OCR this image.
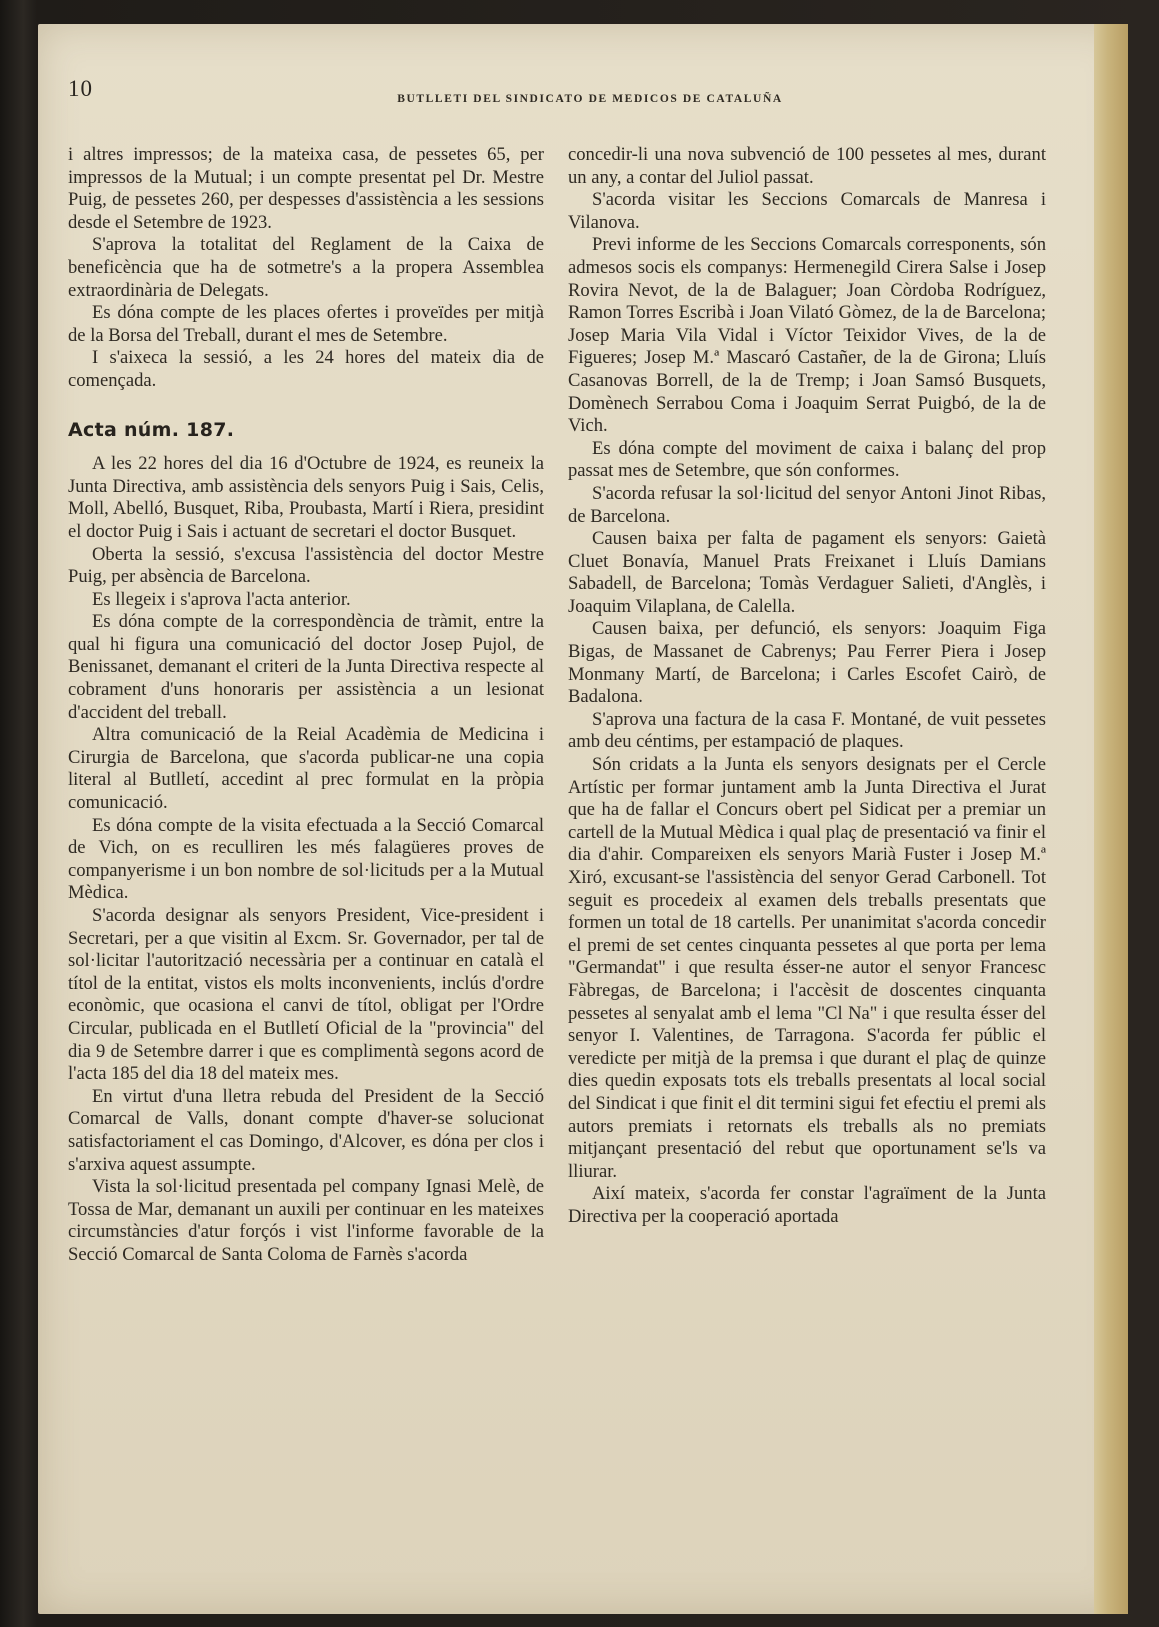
10	BUTLLETI DEL SINDICATO DE MEDICOS DE CATALUÑA

i altres impressos; de la mateixa casa, de pessetes 65, per impressos de la Mutual; i un compte presentat pel Dr. Mestre Puig, de pessetes 260, per despesses d'assistència a les sessions desde el Setembre de 1923.

S'aprova la totalitat del Reglament de la Caixa de beneficència que ha de sotmetre's a la propera Assemblea extraordinària de Delegats.

Es dóna compte de les places ofertes i proveïdes per mitjà de la Borsa del Treball, durant el mes de Setembre.

I s'aixeca la sessió, a les 24 hores del mateix dia de començada.

Acta núm. 187.

A les 22 hores del dia 16 d'Octubre de 1924, es reuneix la Junta Directiva, amb assistència dels senyors Puig i Sais, Celis, Moll, Abelló, Busquet, Riba, Proubasta, Martí i Riera, presidint el doctor Puig i Sais i actuant de secretari el doctor Busquet.

Oberta la sessió, s'excusa l'assistència del doctor Mestre Puig, per absència de Barcelona.

Es llegeix i s'aprova l'acta anterior.

Es dóna compte de la correspondència de tràmit, entre la qual hi figura una comunicació del doctor Josep Pujol, de Benissanet, demanant el criteri de la Junta Directiva respecte al cobrament d'uns honoraris per assistència a un lesionat d'accident del treball.

Altra comunicació de la Reial Acadèmia de Medicina i Cirurgia de Barcelona, que s'acorda publicar-ne una copia literal al Butlletí, accedint al prec formulat en la pròpia comunicació.

Es dóna compte de la visita efectuada a la Secció Comarcal de Vich, on es reculliren les més falagüeres proves de companyerisme i un bon nombre de sol·licituds per a la Mutual Mèdica.

S'acorda designar als senyors President, Vice-president i Secretari, per a que visitin al Excm. Sr. Governador, per tal de sol·licitar l'autorització necessària per a continuar en català el títol de la entitat, vistos els molts inconvenients, inclús d'ordre econòmic, que ocasiona el canvi de títol, obligat per l'Ordre Circular, publicada en el Butlletí Oficial de la "provincia" del dia 9 de Setembre darrer i que es complimentà segons acord de l'acta 185 del dia 18 del mateix mes.

En virtut d'una lletra rebuda del President de la Secció Comarcal de Valls, donant compte d'haver-se solucionat satisfactoriament el cas Domingo, d'Alcover, es dóna per clos i s'arxiva aquest assumpte.

Vista la sol·licitud presentada pel company Ignasi Melè, de Tossa de Mar, demanant un auxili per continuar en les mateixes circumstàncies d'atur forçós i vist l'informe favorable de la Secció Comarcal de Santa Coloma de Farnès s'acorda

concedir-li una nova subvenció de 100 pessetes al mes, durant un any, a contar del Juliol passat.

S'acorda visitar les Seccions Comarcals de Manresa i Vilanova.

Previ informe de les Seccions Comarcals corresponents, són admesos socis els companys: Hermenegild Cirera Salse i Josep Rovira Nevot, de la de Balaguer; Joan Còrdoba Rodríguez, Ramon Torres Escribà i Joan Vilató Gòmez, de la de Barcelona; Josep Maria Vila Vidal i Víctor Teixidor Vives, de la de Figueres; Josep M.ª Mascaró Castañer, de la de Girona; Lluís Casanovas Borrell, de la de Tremp; i Joan Samsó Busquets, Domènech Serrabou Coma i Joaquim Serrat Puigbó, de la de Vich.

Es dóna compte del moviment de caixa i balanç del prop passat mes de Setembre, que són conformes.

S'acorda refusar la sol·licitud del senyor Antoni Jinot Ribas, de Barcelona.

Causen baixa per falta de pagament els senyors: Gaietà Cluet Bonavía, Manuel Prats Freixanet i Lluís Damians Sabadell, de Barcelona; Tomàs Verdaguer Salieti, d'Anglès, i Joaquim Vilaplana, de Calella.

Causen baixa, per defunció, els senyors: Joaquim Figa Bigas, de Massanet de Cabrenys; Pau Ferrer Piera i Josep Monmany Martí, de Barcelona; i Carles Escofet Cairò, de Badalona.

S'aprova una factura de la casa F. Montané, de vuit pessetes amb deu céntims, per estampació de plaques.

Són cridats a la Junta els senyors designats per el Cercle Artístic per formar juntament amb la Junta Directiva el Jurat que ha de fallar el Concurs obert pel Sidicat per a premiar un cartell de la Mutual Mèdica i qual plaç de presentació va finir el dia d'ahir. Compareixen els senyors Marià Fuster i Josep M.ª Xiró, excusant-se l'assistència del senyor Gerad Carbonell. Tot seguit es procedeix al examen dels treballs presentats que formen un total de 18 cartells. Per unanimitat s'acorda concedir el premi de set centes cinquanta pessetes al que porta per lema "Germandat" i que resulta ésser-ne autor el senyor Francesc Fàbregas, de Barcelona; i l'accèsit de doscentes cinquanta pessetes al senyalat amb el lema "Cl Na" i que resulta ésser del senyor I. Valentines, de Tarragona. S'acorda fer públic el veredicte per mitjà de la premsa i que durant el plaç de quinze dies quedin exposats tots els treballs presentats al local social del Sindicat i que finit el dit termini sigui fet efectiu el premi als autors premiats i retornats els treballs als no premiats mitjançant presentació del rebut que oportunament se'ls va lliurar.

Així mateix, s'acorda fer constar l'agraïment de la Junta Directiva per la cooperació aportada
